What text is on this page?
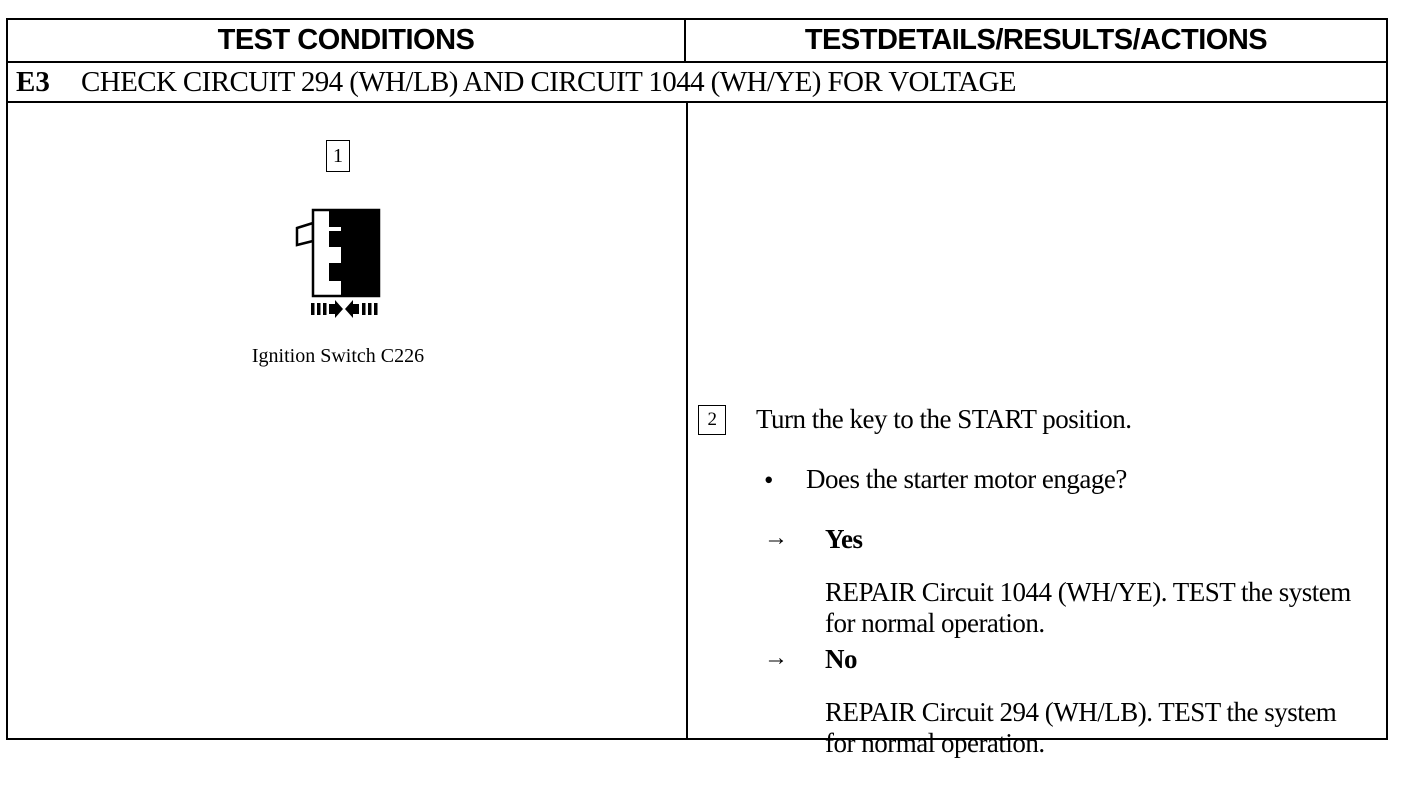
TEST CONDITIONS	TESTDETAILS/RESULTS/ACTIONS
E3	CHECK CIRCUIT 294 (WH/LB) AND CIRCUIT 1044 (WH/YE) FOR VOLTAGE
1
Ignition Switch C226
2	Turn the key to the START position.
• Does the starter motor engage?
→ Yes
REPAIR Circuit 1044 (WH/YE). TEST the system for normal operation.
→ No
REPAIR Circuit 294 (WH/LB). TEST the system for normal operation.
